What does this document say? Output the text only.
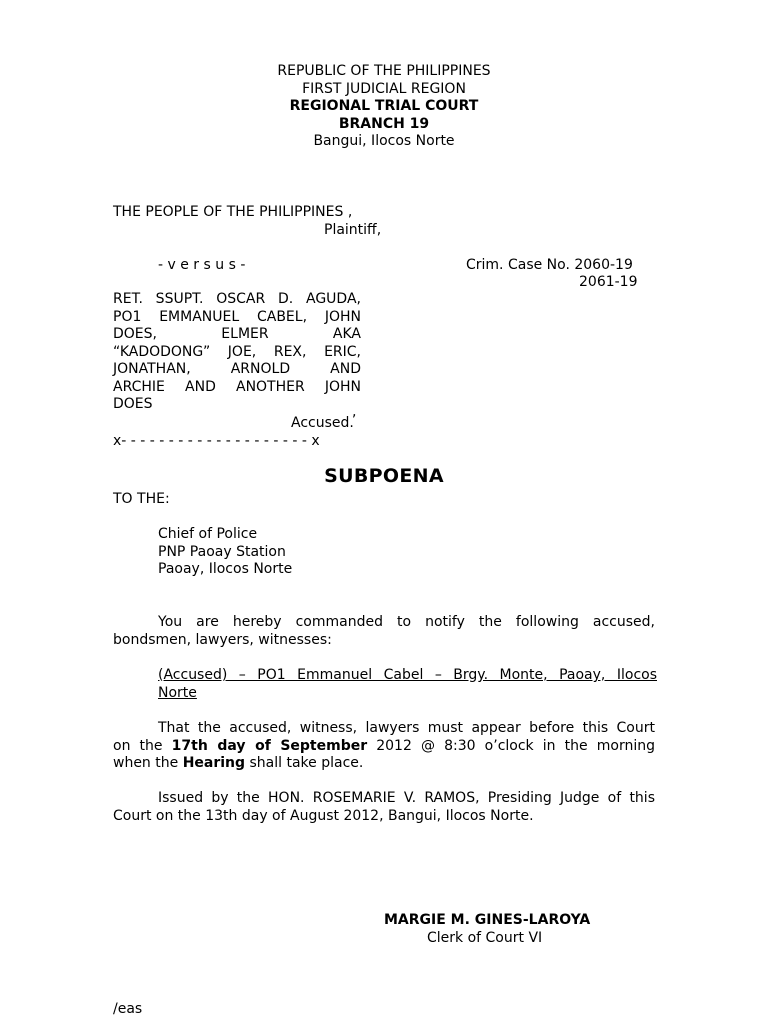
REPUBLIC OF THE PHILIPPINES
FIRST JUDICIAL REGION
REGIONAL TRIAL COURT
BRANCH 19
Bangui, Ilocos Norte
THE PEOPLE OF THE PHILIPPINES ,
Plaintiff,
- v e r s u s -	Crim. Case No. 2060-19
2061-19
RET. SSUPT. OSCAR D. AGUDA,
PO1 EMMANUEL CABEL, JOHN
DOES, ELMER AKA
“KADODONG” JOE, REX, ERIC,
JONATHAN, ARNOLD AND
ARCHIE AND ANOTHER JOHN
DOES	,
Accused.
x- - - - - - - - - - - - - - - - - - - - x
SUBPOENA
TO THE:
Chief of Police
PNP Paoay Station
Paoay, Ilocos Norte
You are hereby commanded to notify the following accused,
bondsmen, lawyers, witnesses:
(Accused) – PO1 Emmanuel Cabel – Brgy. Monte, Paoay, Ilocos
Norte
That the accused, witness, lawyers must appear before this Court
on the 17th day of September 2012 @ 8:30 o’clock in the morning
when the Hearing shall take place.
Issued by the HON. ROSEMARIE V. RAMOS, Presiding Judge of this
Court on the 13th day of August 2012, Bangui, Ilocos Norte.
MARGIE M. GINES-LAROYA
Clerk of Court VI
/eas
